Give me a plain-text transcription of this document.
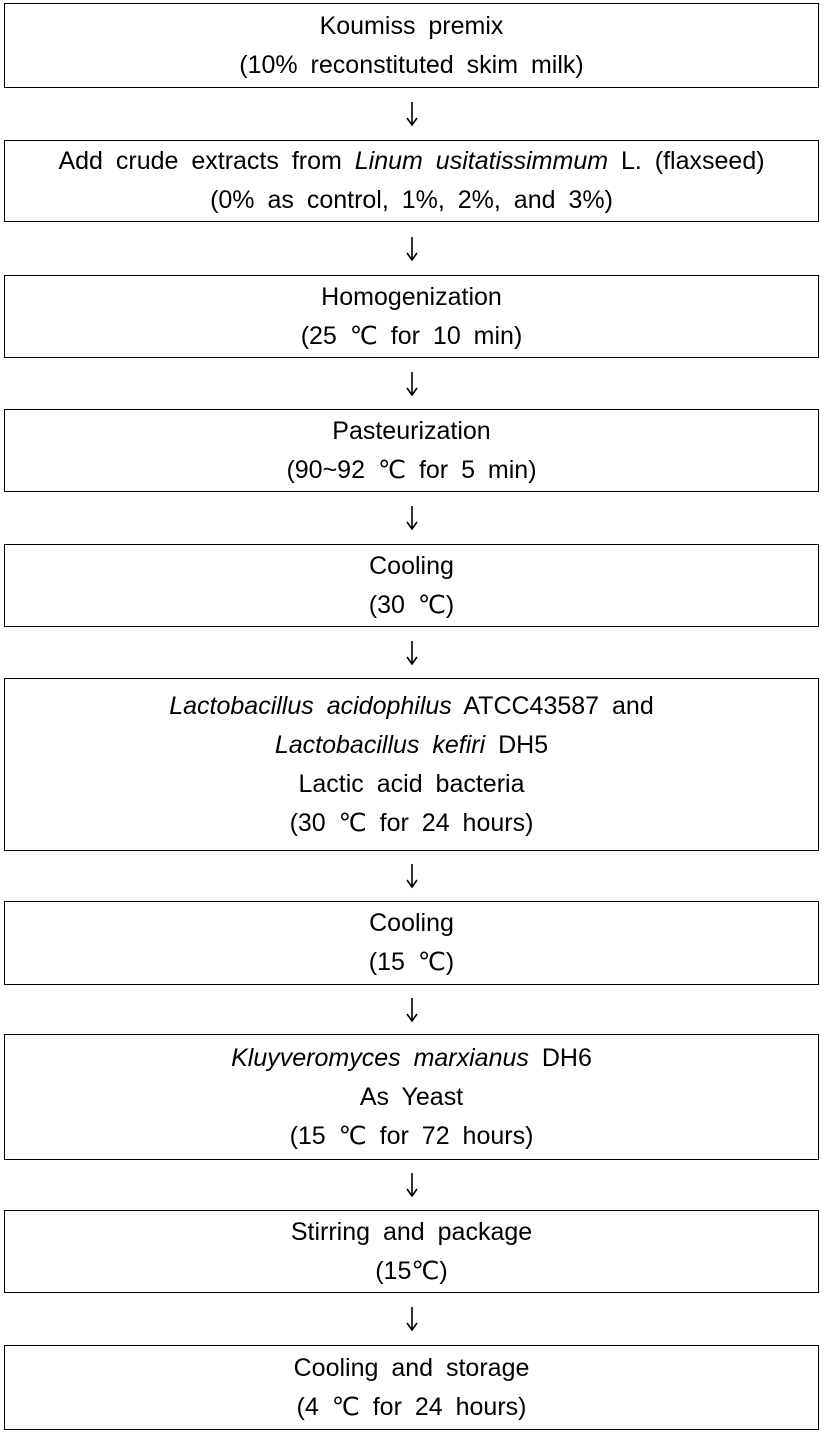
Koumiss premix
(10% reconstituted skim milk)
Add crude extracts from Linum usitatissimmum L. (flaxseed)
(0% as control, 1%, 2%, and 3%)
Homogenization
(25 ℃ for 10 min)
Pasteurization
(90~92 ℃ for 5 min)
Cooling
(30 ℃)
Lactobacillus acidophilus ATCC43587 and
Lactobacillus kefiri DH5
Lactic acid bacteria
(30 ℃ for 24 hours)
Cooling
(15 ℃)
Kluyveromyces marxianus DH6
As Yeast
(15 ℃ for 72 hours)
Stirring and package
(15℃)
Cooling and storage
(4 ℃ for 24 hours)
